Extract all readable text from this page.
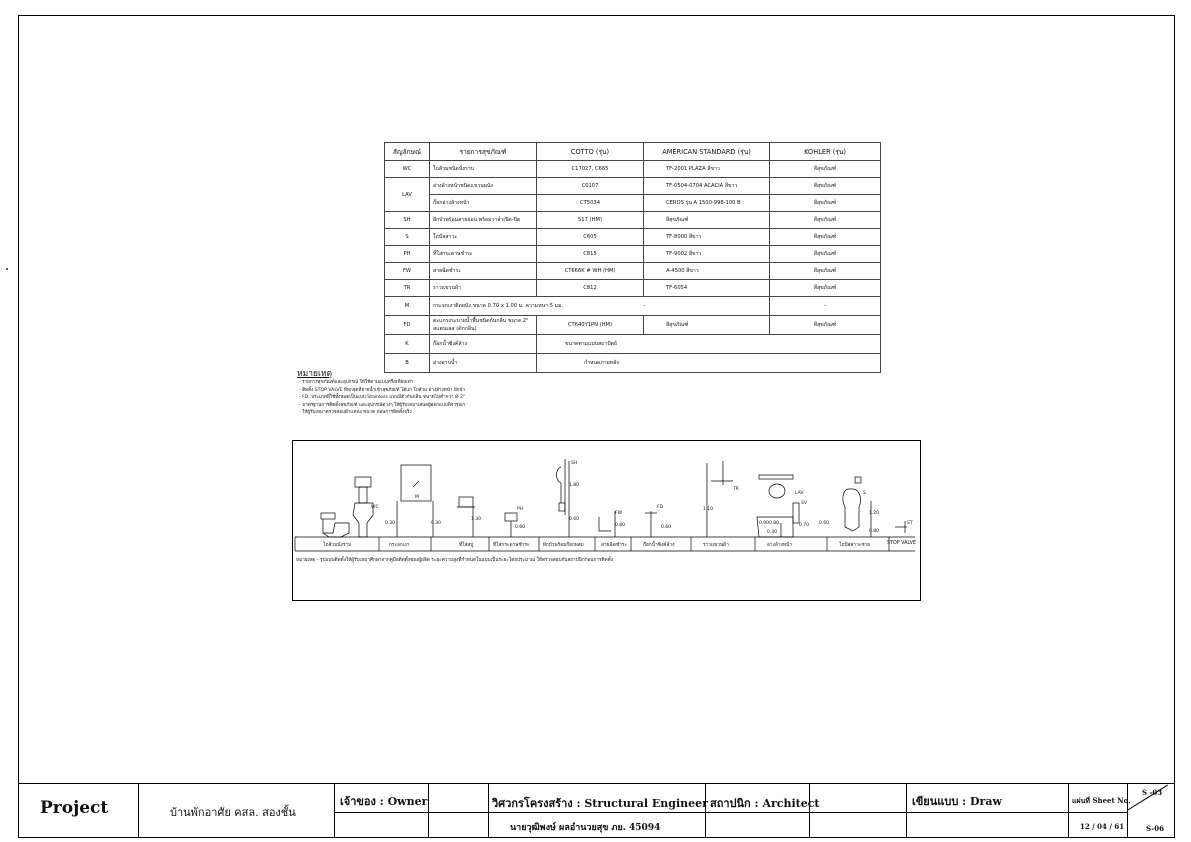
สัญลักษณ์	รายการสุขภัณฑ์	COTTO (รุ่น)	AMERICAN STANDARD (รุ่น)	KOHLER (รุ่น)
WC	โถส้วมชนิดนั่งราบ	C17027, C665	TF-2001 PLAZA สีขาว	สีสุขภัณฑ์
LAV	อ่างล้างหน้าชนิดแขวนผนัง	C0107	TF-0504-0704 ACACIA สีขาว	สีสุขภัณฑ์
	ก๊อกอ่างล้างหน้า	CT5034	CEROS รุ่น A 1500-998-100 B	สีสุขภัณฑ์
SH	ฝักบัวพร้อมสายอ่อน พร้อมวาล์วเปิด-ปิด	S17 (HM)	สีสุขภัณฑ์	สีสุขภัณฑ์
S	โถปัสสาวะ	C605	TF-8000 สีขาว	สีสุขภัณฑ์
PH	ที่ใส่กระดาษชำระ	C815	TF-9002 สีขาว	สีสุขภัณฑ์
FW	สายฉีดชำระ	CT666K # WH (HM)	A-4500 สีขาว	สีสุขภัณฑ์
TR	ราวแขวนผ้า	C812	TF-6054	สีสุขภัณฑ์
M	กระจกเงาติดผนัง ขนาด 0.70 x 1.00 ม. ความหนา 5 มม.		-	-
FD	ตะแกรงระบายน้ำพื้นชนิดกันกลิ่น ขนาด 2" สแตนเลส (ดักกลิ่น)	CT640Y1PN (HM)	สีสุขภัณฑ์	สีสุขภัณฑ์
K	ก๊อกน้ำซิงค์ล้าง	ขนาดตามแบบสถาปัตย์		
B	อ่างอาบน้ำ	กำหนดภายหลัง		
หมายเหตุ
- รายการสุขภัณฑ์และอุปกรณ์ ให้ใช้ตามแบบหรือเทียบเท่า
- ติดตั้ง STOP VALVE ที่ทุกจุดที่จ่ายน้ำเข้าสุขภัณฑ์ ได้แก่ โถส้วม อ่างล้างหน้า ฝักบัว
- FD. ประเภทที่ใช้ทั้งหมดเป็นแบบ Stainless แบบมีตัวกันกลิ่น ขนาดไม่ต่ำกว่า Ø 2"
- มาตรฐานการติดตั้งสุขภัณฑ์ และอุปกรณ์ต่างๆ ให้ผู้รับเหมาเสนอผู้ออกแบบพิจารณา
- ให้ผู้รับเหมาตรวจสอบตำแหน่ง ขนาด ก่อนการติดตั้งจริง
โถส้วมนั่งราบ	กระจกเงา	ที่ใส่สบู่	ที่ใส่กระดาษชำระ	ฝักบัวพร้อมก๊อกผสม	สายฉีดชำระ	ก๊อกน้ำซิงค์ล้าง	ราวแขวนผ้า	อ่างล้างหน้า	โถปัสสาวะชาย	STOP VALVE
0.30	0.30
1.30
0.60
1.80
0.60
0.80	0.60
1.10
0.90 0.80	0.70 0.60
0.30
1.20
0.80
WC
M
SH
PH
FW
FD
TR
LAV
SV
S
ST
หมายเหตุ - รูปแบบติดตั้งให้ผู้รับเหมาศึกษาจากคู่มือติดตั้งของผู้ผลิต ระยะความสูงที่กำหนดในแบบเป็นระยะโดยประมาณ ให้ตรวจสอบกับสถาปนิกก่อนการติดตั้ง
Project	บ้านพักอาศัย คสล. สองชั้น
เจ้าของ : Owner	วิศวกรโครงสร้าง : Structural Engineer
นายวุฒิพงษ์ ผลอำนวยสุข ภย. 45094
สถาปนิก : Architect	เขียนแบบ : Draw	แผ่นที่ Sheet No.
12 / 04 / 61
S -03
S-06
